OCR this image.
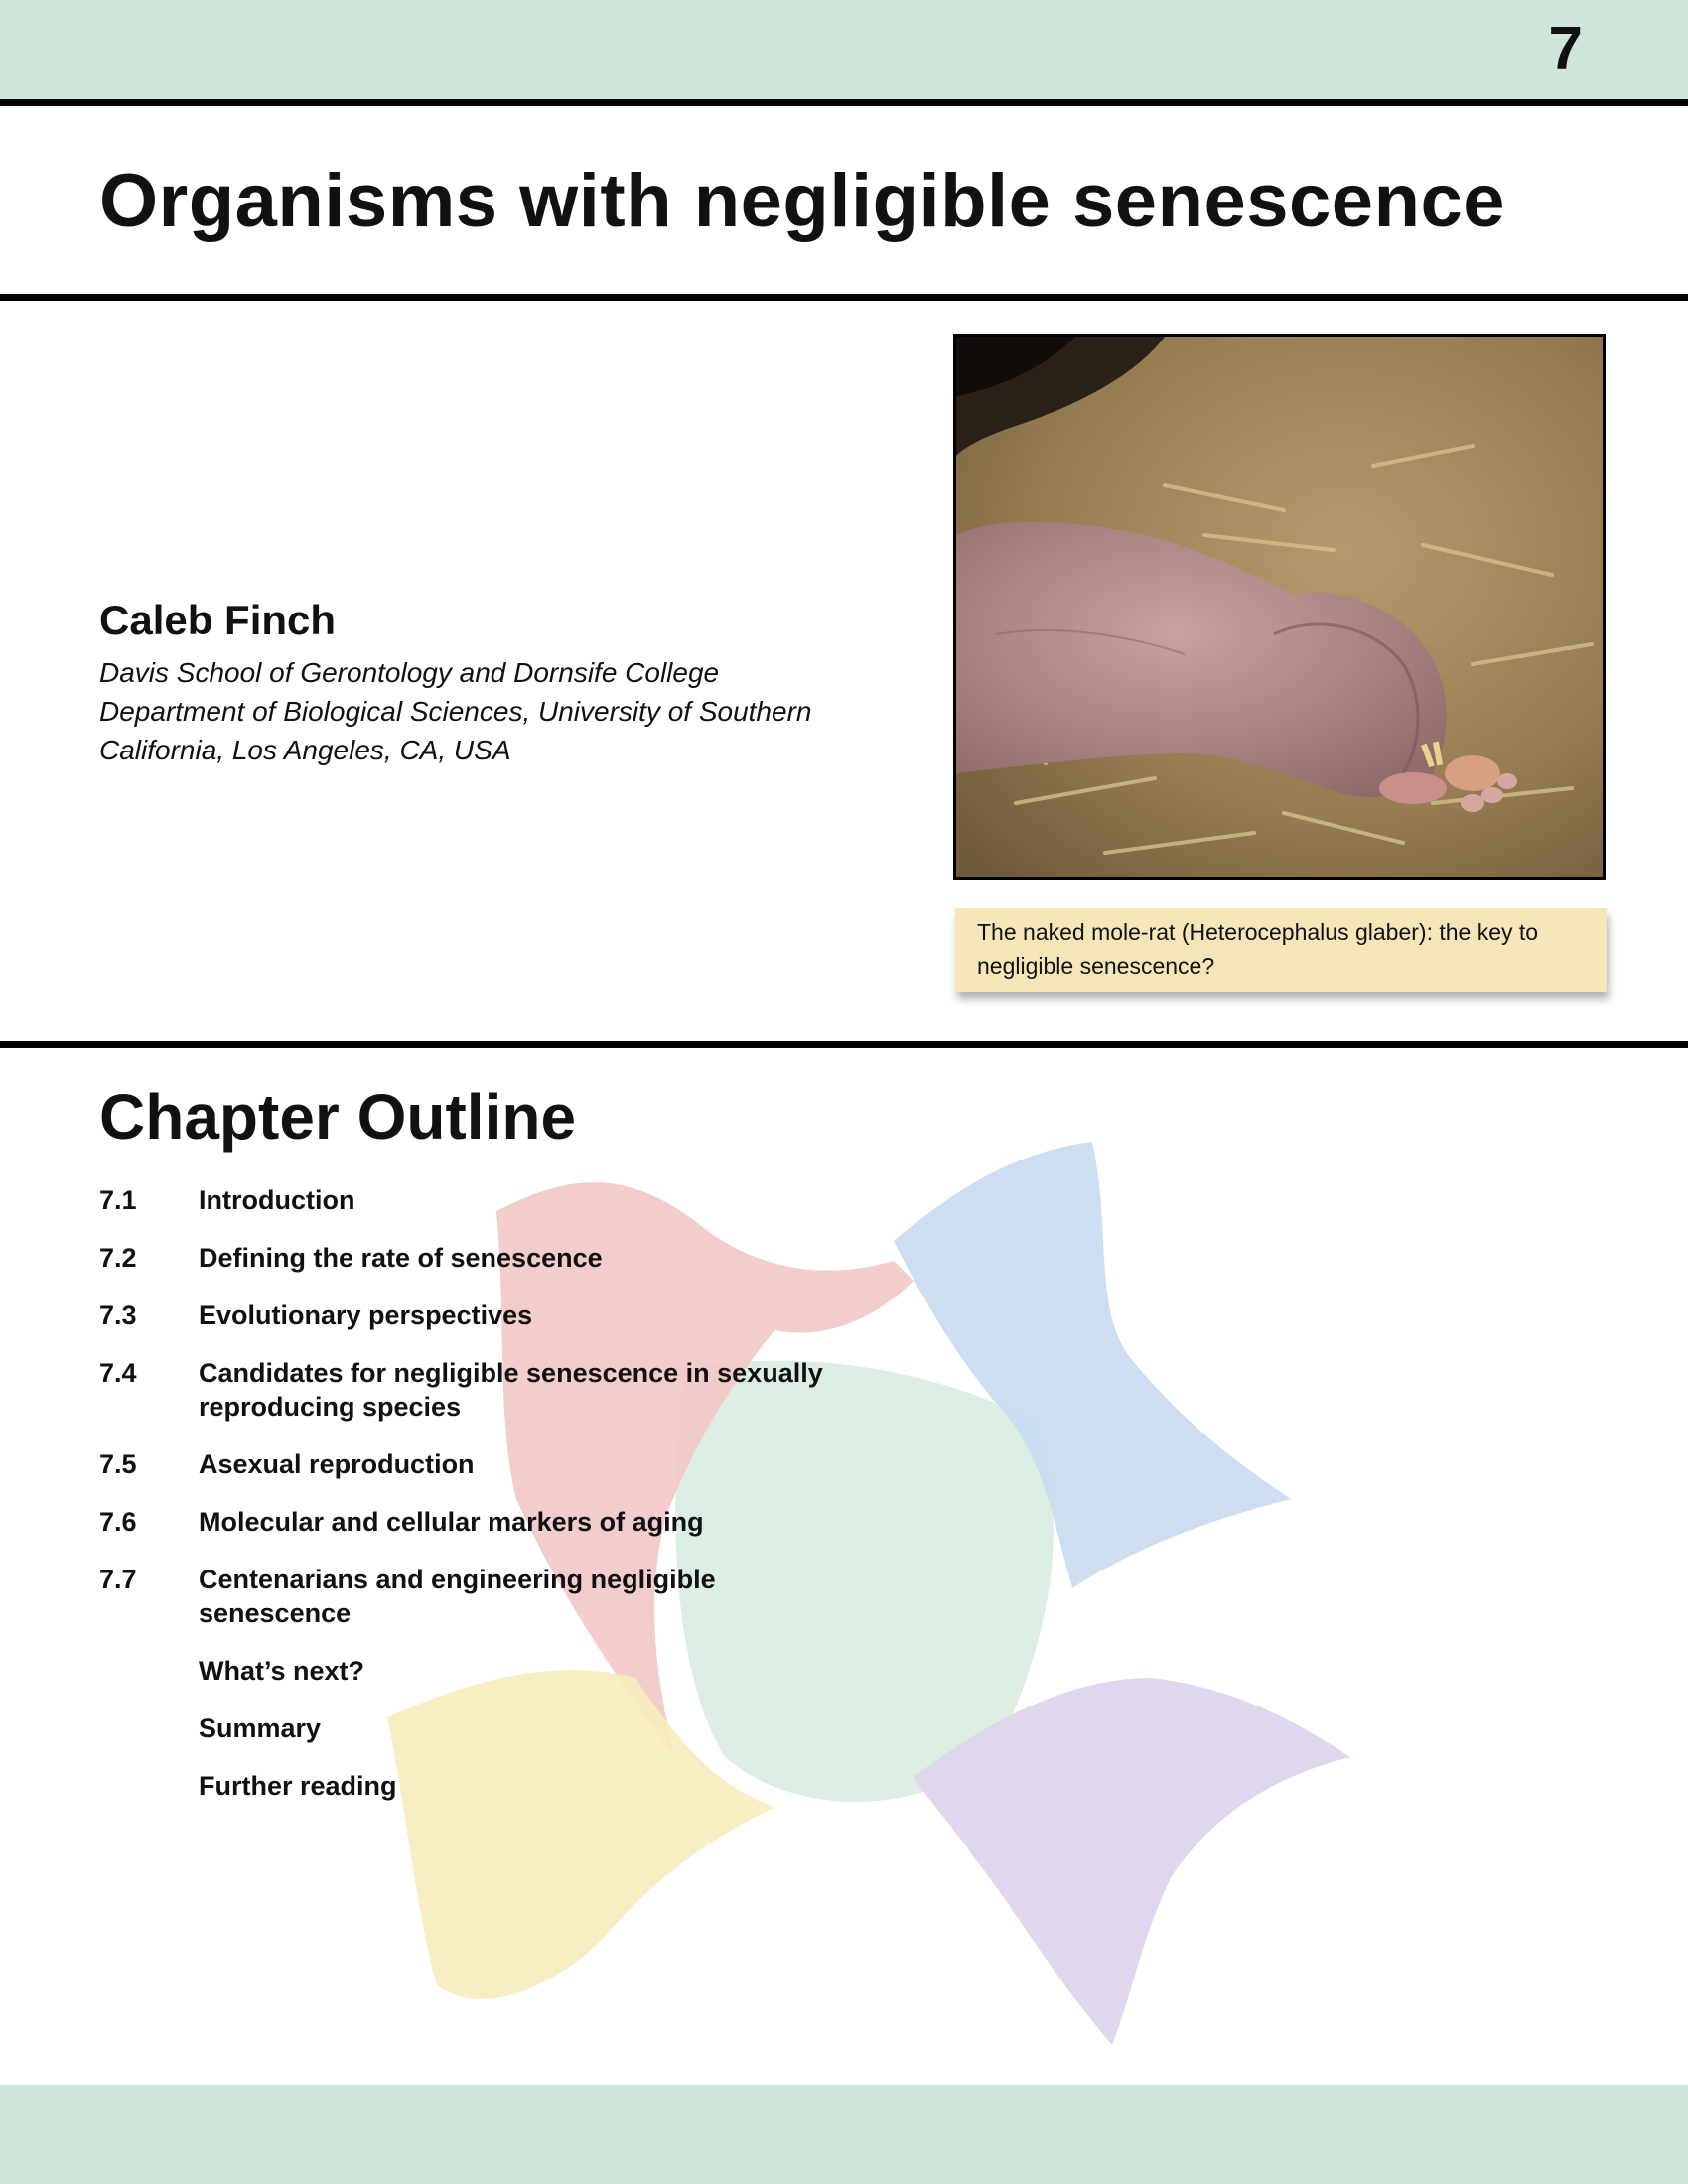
7
Organisms with negligible senescence

Caleb Finch

Davis School of Gerontology and Dornsife College

Department of Biological Sciences, University of Southern

California, Los Angeles, CA, USA

The naked mole-rat (Heterocephalus glaber): the key to
negligible senescence?
Chapter Outline
7.1 Introduction
7.2 Defining the rate of senescence
7.3 Evolutionary perspectives
7.4 Candidates for negligible senescence in sexually
reproducing species
7.5 Asexual reproduction
7.6 Molecular and cellular markers of aging
7.7 Centenarians and engineering negligible
senescence
What’s next?
Summary
Further reading
